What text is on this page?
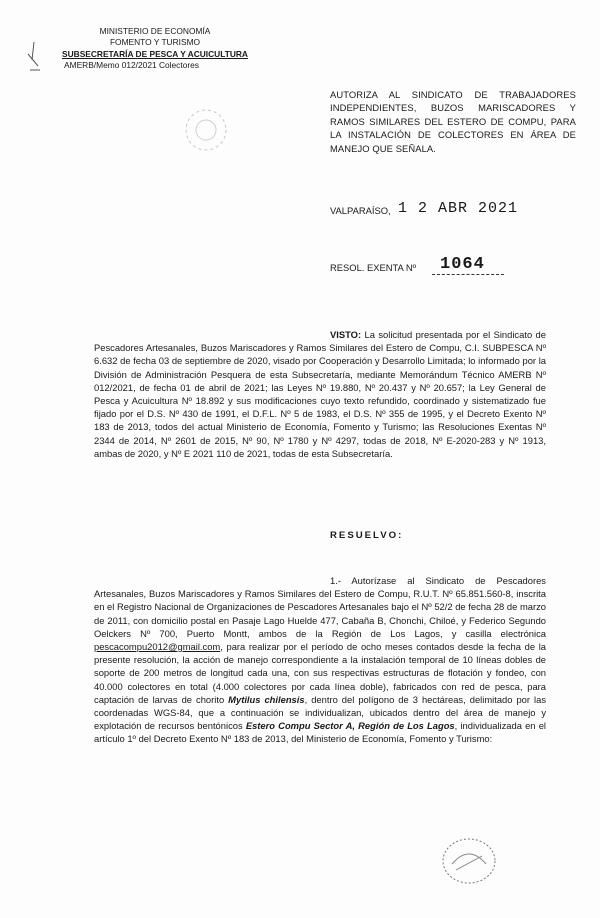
MINISTERIO DE ECONOMÍA
FOMENTO Y TURISMO
SUBSECRETARÍA DE PESCA Y ACUICULTURA
AMERB/Memo 012/2021 Colectores
AUTORIZA AL SINDICATO DE TRABAJADORES INDEPENDIENTES, BUZOS MARISCADORES Y RAMOS SIMILARES DEL ESTERO DE COMPU, PARA LA INSTALACIÓN DE COLECTORES EN ÁREA DE MANEJO QUE SEÑALA.
VALPARAÍSO, 1 2 ABR 2021
RESOL. EXENTA Nº 1064
VISTO: La solicitud presentada por el Sindicato de Pescadores Artesanales, Buzos Mariscadores y Ramos Similares del Estero de Compu, C.I. SUBPESCA Nº 6.632 de fecha 03 de septiembre de 2020, visado por Cooperación y Desarrollo Limitada; lo informado por la División de Administración Pesquera de esta Subsecretaría, mediante Memorándum Técnico AMERB Nº 012/2021, de fecha 01 de abril de 2021; las Leyes Nº 19.880, Nº 20.437 y Nº 20.657; la Ley General de Pesca y Acuicultura Nº 18.892 y sus modificaciones cuyo texto refundido, coordinado y sistematizado fue fijado por el D.S. Nº 430 de 1991, el D.F.L. Nº 5 de 1983, el D.S. Nº 355 de 1995, y el Decreto Exento Nº 183 de 2013, todos del actual Ministerio de Economía, Fomento y Turismo; las Resoluciones Exentas Nº 2344 de 2014, Nº 2601 de 2015, Nº 90, Nº 1780 y Nº 4297, todas de 2018, Nº E-2020-283 y Nº 1913, ambas de 2020, y Nº E 2021 110 de 2021, todas de esta Subsecretaría.
RESUELVO:
1.- Autorízase al Sindicato de Pescadores Artesanales, Buzos Mariscadores y Ramos Similares del Estero de Compu, R.U.T. Nº 65.851.560-8, inscrita en el Registro Nacional de Organizaciones de Pescadores Artesanales bajo el Nº 52/2 de fecha 28 de marzo de 2011, con domicilio postal en Pasaje Lago Huelde 477, Cabaña B, Chonchi, Chiloé, y Federico Segundo Oelckers Nº 700, Puerto Montt, ambos de la Región de Los Lagos, y casilla electrónica pescacompu2012@gmail.com, para realizar por el período de ocho meses contados desde la fecha de la presente resolución, la acción de manejo correspondiente a la instalación temporal de 10 líneas dobles de soporte de 200 metros de longitud cada una, con sus respectivas estructuras de flotación y fondeo, con 40.000 colectores en total (4.000 colectores por cada línea doble), fabricados con red de pesca, para captación de larvas de chorito Mytilus chilensis, dentro del polígono de 3 hectáreas, delimitado por las coordenadas WGS-84, que a continuación se individualizan, ubicados dentro del área de manejo y explotación de recursos bentónicos Estero Compu Sector A, Región de Los Lagos, individualizada en el artículo 1º del Decreto Exento Nº 183 de 2013, del Ministerio de Economía, Fomento y Turismo:
